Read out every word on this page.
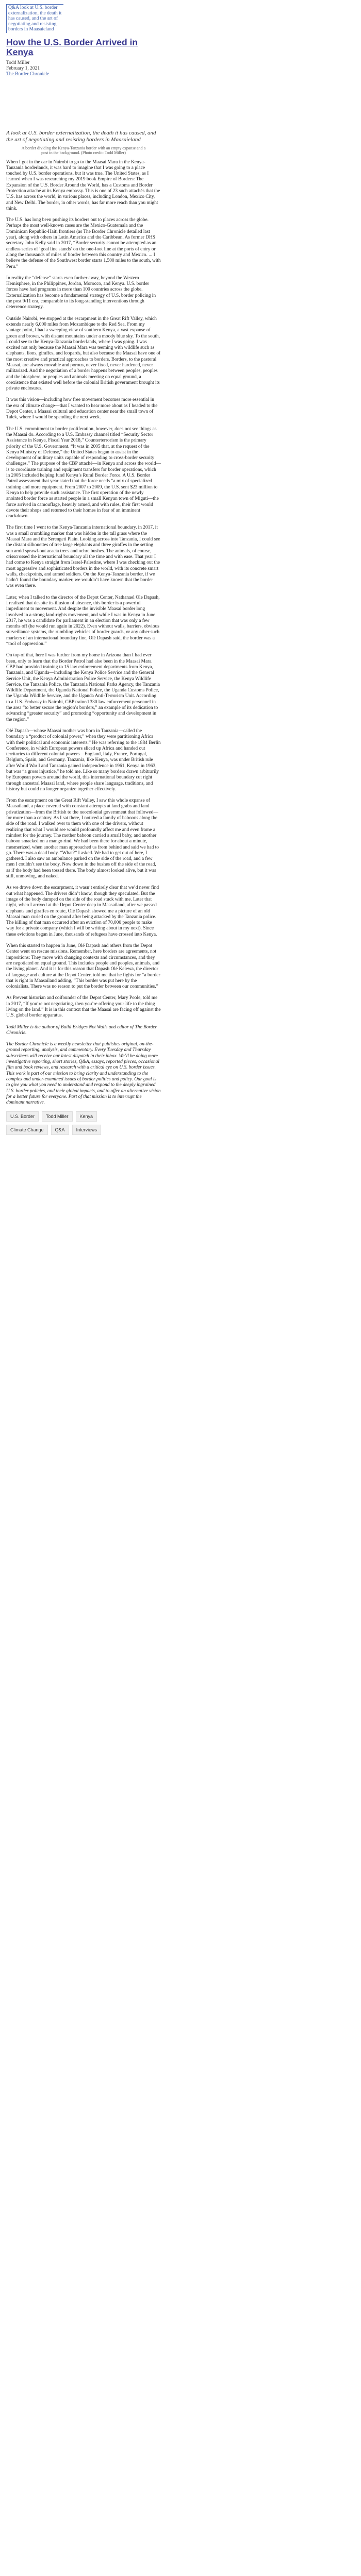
Q&A look at U.S. border externalization, the death it has caused, and the art of negotiating and resisting borders in Maasaieland
How the U.S. Border Arrived in Kenya
Todd Miller
February 1, 2021
The Border Chronicle
A look at U.S. border externalization, the death it has caused, and the art of negotiating and resisting borders in Maasaieland
A border dividing the Kenya-Tanzania border with an empty expanse and a post in the background. (Photo credit: Todd Miller)

When I got in the car in Nairobi to go to the Maasai Mara in the Kenya-Tanzania borderlands, it was hard to imagine that I was going to a place touched by U.S. border operations, but it was true. The United States, as I learned when I was researching my 2019 book Empire of Borders: The Expansion of the U.S. Border Around the World, has a Customs and Border Protection attaché at its Kenya embassy. This is one of 23 such attachés that the U.S. has across the world, in various places, including London, Mexico City, and New Delhi. The border, in other words, has far more reach than you might think.

The U.S. has long been pushing its borders out to places across the globe. Perhaps the most well-known cases are the Mexico-Guatemala and the Dominican Republic-Haiti frontiers (as The Border Chronicle detailed last year), along with others in Latin America and the Caribbean. As former DHS secretary John Kelly said in 2017, “Border security cannot be attempted as an endless series of ‘goal line stands’ on the one-foot line at the ports of entry or along the thousands of miles of border between this country and Mexico. ... I believe the defense of the Southwest border starts 1,500 miles to the south, with Peru.”

In reality the “defense” starts even further away, beyond the Western Hemisphere, in the Philippines, Jordan, Morocco, and Kenya. U.S. border forces have had programs in more than 100 countries across the globe. Externalization has become a fundamental strategy of U.S. border policing in the post 9/11 era, comparable to its long-standing interventions through deterrence strategy.

Outside Nairobi, we stopped at the escarpment in the Great Rift Valley, which extends nearly 6,000 miles from Mozambique to the Red Sea. From my vantage point, I had a sweeping view of southern Kenya, a vast expanse of green and brown, with distant mountains under a moody blue sky. To the south, I could see to the Kenya-Tanzania borderlands, where I was going. I was excited not only because the Maasai Mara was teeming with wildlife such as elephants, lions, giraffes, and leopards, but also because the Maasai have one of the most creative and practical approaches to borders. Borders, to the pastoral Maasai, are always movable and porous, never fixed, never hardened, never militarized. And the negotiation of a border happens between peoples, peoples and the biosphere, or peoples and animals meeting on equal ground, a coexistence that existed well before the colonial British government brought its private enclosures.

It was this vision—including how free movement becomes more essential in the era of climate change—that I wanted to hear more about as I headed to the Depot Center, a Maasai cultural and education center near the small town of Talek, where I would be spending the next week.

The U.S. commitment to border proliferation, however, does not see things as the Maasai do. According to a U.S. Embassy channel titled “Security Sector Assistance in Kenya, Fiscal Year 2018,” Counterterrorism is the primary priority of the U.S. Government. “It was in 2005 that, at the request of the Kenya Ministry of Defense,” the United States began to assist in the development of military units capable of responding to cross-border security challenges.” The purpose of the CBP attaché—in Kenya and across the world—is to coordinate training and equipment transfers for border operations, which in 2005 included helping fund Kenya’s Rural Border Force. A U.S. Border Patrol assessment that year stated that the force needs “a mix of specialized training and more equipment. From 2007 to 2009, the U.S. sent $23 million to Kenya to help provide such assistance. The first operation of the newly anointed border force as started people in a small Kenyan town of Miguti—the force arrived in camouflage, heavily armed, and with rules, their first would devote their shops and returned to their homes in fear of an imminent crackdown.

The first time I went to the Kenya-Tanzania international boundary, in 2017, it was a small crumbling marker that was hidden in the tall grass where the Maasai Mara and the Serengeti Plain. Looking across into Tanzania, I could see the distant silhouettes of tree large elephants and three giraffes in the setting sun amid sprawl-out acacia trees and ochre bushes. The animals, of course, crisscrossed the international boundary all the time and with ease. That year I had come to Kenya straight from Israel-Palestine, where I was checking out the most aggressive and sophisticated borders in the world, with its concrete smart walls, checkpoints, and armed soldiers. On the Kenya-Tanzania border, if we hadn’t found the boundary marker, we wouldn’t have known that the border was even there.

Later, when I talked to the director of the Depot Center, Nathanael Ole Dapash, I realized that despite its illusion of absence, this border is a powerful impediment to movement. And despite the invisible Maasai border long involved in a strong land-rights movement, and while I was in Kenya in June 2017, he was a candidate for parliament in an election that was only a few months off (he would run again in 2022). Even without walls, barriers, obvious surveillance systems, the rumbling vehicles of border guards, or any other such markers of an international boundary line, Olé Dapash said, the border was a “tool of oppression.”

On top of that, here I was further from my home in Arizona than I had ever been, only to learn that the Border Patrol had also been in the Maasai Mara. CBP had provided training to 15 law enforcement departments from Kenya, Tanzania, and Uganda—including the Kenya Police Service and the General Service Unit, the Kenya Administration Police Service, the Kenya Wildlife Service, the Tanzania Police, the Tanzania National Parks Agency, the Tanzania Wildlife Department, the Uganda National Police, the Uganda Customs Police, the Uganda Wildlife Service, and the Uganda Anti-Terrorism Unit. According to a U.S. Embassy in Nairobi, CBP trained 330 law enforcement personnel in the area “to better secure the region’s borders,” an example of its dedication to advancing “greater security” and promoting “opportunity and development in the region.”

Olé Dapash—whose Maasai mother was born in Tanzania—called the boundary a “product of colonial power,” when they were partitioning Africa with their political and economic interests.” He was referring to the 1884 Berlin Conference, in which European powers sliced up Africa and handed out territories to different colonial powers—England, Italy, France, Portugal, Belgium, Spain, and Germany. Tanzania, like Kenya, was under British rule after World War I and Tanzania gained independence in 1961, Kenya in 1963, but was “a gross injustice,” he told me. Like so many borders drawn arbitrarily by European powers around the world, this international boundary cut right through ancestral Maasai land, where people share language, traditions, and history but could no longer organize together effectively.

From the escarpment on the Great Rift Valley, I saw this whole expanse of Maasailand, a place covered with constant attempts at land grabs and land privatization—from the British to the neocolonial government that followed—for more than a century. As I sat there, I noticed a family of baboons along the side of the road. I walked over to them with one of the drivers, without realizing that what I would see would profoundly affect me and even frame a mindset for the journey. The mother baboon carried a small baby, and another baboon smacked on a mango rind. We had been there for about a minute, mesmerized, when another man approached us from behind and said we had to go. There was a dead body. “What?” I asked. We had to get out of here, I gathered. I also saw an ambulance parked on the side of the road, and a few men I couldn’t see the body. Now down in the bushes off the side of the road, as if the body had been tossed there. The body almost looked alive, but it was still, unmoving, and naked.

As we drove down the escarpment, it wasn’t entirely clear that we’d never find out what happened. The drivers didn’t know, though they speculated. But the image of the body dumped on the side of the road stuck with me. Later that night, when I arrived at the Depot Center deep in Maasailand, after we passed elephants and giraffes en route, Olé Dapash showed me a picture of an old Maasai man curled on the ground after being attacked by the Tanzania police. The killing of that man occurred after an eviction of 70,000 people to make way for a private company (which I will be writing about in my next). Since these evictions began in June, thousands of refugees have crossed into Kenya.

When this started to happen in June, Olé Dapash and others from the Depot Center went on rescue missions. Remember, here borders are agreements, not impositions: They move with changing contexts and circumstances, and they are negotiated on equal ground. This includes people and peoples, animals, and the living planet. And it is for this reason that Dapash Olé Kelewa, the director of language and culture at the Depot Center, told me that he fights for “a border that is right in Maasailand adding, “This border was put here by the colonialists. There was no reason to put the border between our communities.”

As Prevent historian and coifounder of the Depot Center, Mary Poole, told me in 2017, “If you’re not negotiating, then you’re offering your life to the thing living on the land.” It is in this context that the Maasai are facing off against the U.S. global border apparatus.

Todd Miller is the author of Build Bridges Not Walls and editor of The Border Chronicle.

The Border Chronicle is a weekly newsletter that publishes original, on-the-ground reporting, analysis, and commentary. Every Tuesday and Thursday subscribers will receive our latest dispatch in their inbox. We’ll be doing more investigative reporting, short stories, Q&A, essays, reported pieces, occasional film and book reviews, and research with a critical eye on U.S. border issues. This work is part of our mission to bring clarity and understanding to the complex and under-examined issues of border politics and policy. Our goal is to give you what you need to understand and respond to the deeply ingrained U.S. border policies, and their global impacts, and to offer an alternative vision for a better future for everyone. Part of that mission is to interrupt the dominant narrative.

U.S. Border	Todd Miller	Kenya
Climate Change	Q&A	Interviews
